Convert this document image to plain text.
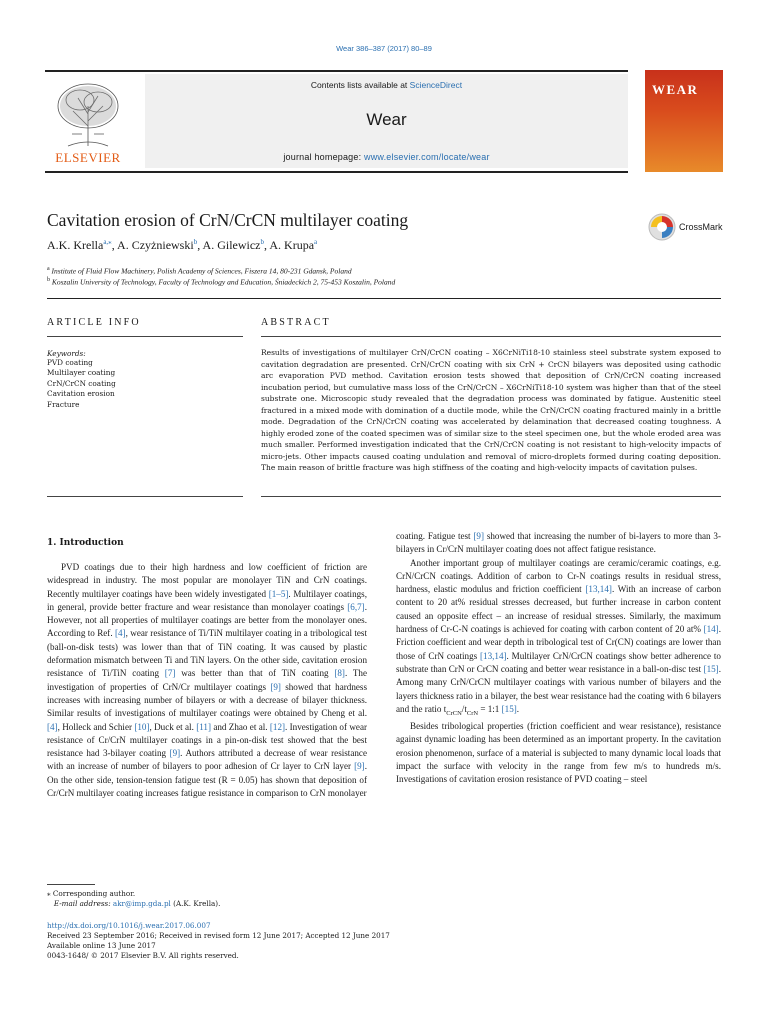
Wear 386–387 (2017) 80–89
Contents lists available at ScienceDirect
Wear
journal homepage: www.elsevier.com/locate/wear
ELSEVIER
WEAR
Cavitation erosion of CrN/CrCN multilayer coating
A.K. Krella$^{a,⁎}$, A. Czyżniewski$^b$, A. Gilewicz$^b$, A. Krupa$^a$
$^a$ Institute of Fluid Flow Machinery, Polish Academy of Sciences, Fiszera 14, 80-231 Gdansk, Poland
$^b$ Koszalin University of Technology, Faculty of Technology and Education, Śniadeckich 2, 75-453 Koszalin, Poland
CrossMark
ARTICLE INFO	ABSTRACT
Keywords:
PVD coating
Multilayer coating
CrN/CrCN coating
Cavitation erosion
Fracture
Results of investigations of multilayer CrN/CrCN coating – X6CrNiTi18-10 stainless steel substrate system exposed to cavitation degradation are presented. CrN/CrCN coating with six CrN + CrCN bilayers was deposited using cathodic arc evaporation PVD method. Cavitation erosion tests showed that deposition of CrN/CrCN coating increased incubation period, but cumulative mass loss of the CrN/CrCN – X6CrNiTi18-10 system was higher than that of the steel substrate one. Microscopic study revealed that the degradation process was dominated by fatigue. Austenitic steel fractured in a mixed mode with domination of a ductile mode, while the CrN/CrCN coating fractured mainly in a brittle mode. Degradation of the CrN/CrCN coating was accelerated by delamination that decreased coating toughness. A highly eroded zone of the coated specimen was of similar size to the steel specimen one, but the whole eroded area was much smaller. Performed investigation indicated that the CrN/CrCN coating is not resistant to high-velocity impacts of micro-jets. Other impacts caused coating undulation and removal of micro-droplets formed during coating deposition. The main reason of brittle fracture was high stiffness of the coating and high-velocity impacts of cavitation pulses.
1. Introduction

PVD coatings due to their high hardness and low coefficient of friction are widespread in industry. The most popular are monolayer TiN and CrN coatings. Recently multilayer coatings have been widely investigated [1–5]. Multilayer coatings, in general, provide better fracture and wear resistance than monolayer coatings [6,7]. However, not all properties of multilayer coatings are better from the monolayer ones. According to Ref. [4], wear resistance of Ti/TiN multilayer coating in a tribological test (ball-on-disk tests) was lower than that of TiN coating. It was caused by plastic deformation mismatch between Ti and TiN layers. On the other side, cavitation erosion resistance of Ti/TiN coating [7] was better than that of TiN coating [8]. The investigation of properties of CrN/Cr multilayer coatings [9] showed that hardness increases with increasing number of bilayers or with a decrease of bilayer thickness. Similar results of investigations of multilayer coatings were obtained by Cheng et al. [4], Holleck and Schier [10], Duck et al. [11] and Zhao et al. [12]. Investigation of wear resistance of Cr/CrN multilayer coatings in a pin-on-disk test showed that the best resistance had 3-bilayer coating [9]. Authors attributed a decrease of wear resistance with an increase of number of bilayers to poor adhesion of Cr layer to CrN layer [9]. On the other side, tension-tension fatigue test (R = 0.05) has shown that deposition of Cr/CrN multilayer coating increases fatigue resistance in comparison to CrN monolayer

coating. Fatigue test [9] showed that increasing the number of bi-layers to more than 3-bilayers in Cr/CrN multilayer coating does not affect fatigue resistance.

Another important group of multilayer coatings are ceramic/ceramic coatings, e.g. CrN/CrCN coatings. Addition of carbon to Cr-N coatings results in residual stress, hardness, elastic modulus and friction coefficient [13,14]. With an increase of carbon content to 20 at% residual stresses decreased, but further increase in carbon content caused an opposite effect – an increase of residual stresses. Similarly, the maximum hardness of Cr-C-N coatings is achieved for coating with carbon content of 20 at% [14]. Friction coefficient and wear depth in tribological test of Cr(CN) coatings are lower than those of CrN coatings [13,14]. Multilayer CrN/CrCN coatings show better adherence to substrate than CrN or CrCN coating and better wear resistance in a ball-on-disc test [15]. Among many CrN/CrCN multilayer coatings with various number of bilayers and the layers thickness ratio in a bilayer, the best wear resistance had the coating with 6 bilayers and the ratio $t_{CrCN}/t_{CrN}$ = 1:1 [15].

Besides tribological properties (friction coefficient and wear resistance), resistance against dynamic loading has been determined as an important property. In the cavitation erosion phenomenon, surface of a material is subjected to many dynamic local loads that impact the surface with velocity in the range from few m/s to hundreds m/s. Investigations of cavitation erosion resistance of PVD coating – steel

⁎ Corresponding author.
E-mail address: akr@imp.gda.pl (A.K. Krella).
http://dx.doi.org/10.1016/j.wear.2017.06.007
Received 23 September 2016; Received in revised form 12 June 2017; Accepted 12 June 2017
Available online 13 June 2017
0043-1648/ © 2017 Elsevier B.V. All rights reserved.
